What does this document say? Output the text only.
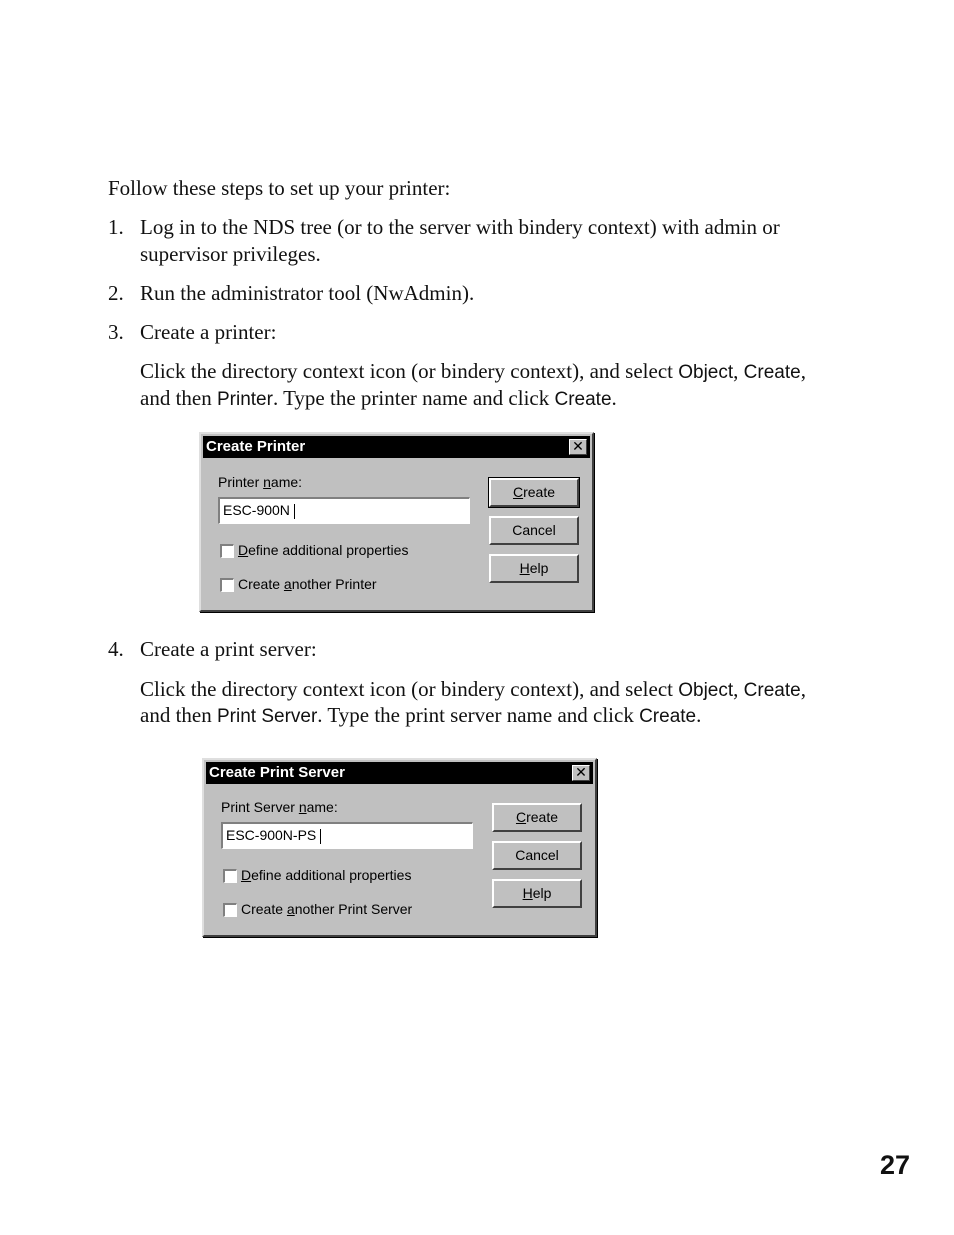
Follow these steps to set up your printer:
1. Log in to the NDS tree (or to the server with bindery context) with admin or
supervisor privileges.
2. Run the administrator tool (NwAdmin).
3. Create a printer:
Click the directory context icon (or bindery context), and select Object, Create,
and then Printer. Type the printer name and click Create.
Create Printer	✕
Printer name:
ESC-900N
Define additional properties
Create another Printer
Create
Cancel
Help
4. Create a print server:
Click the directory context icon (or bindery context), and select Object, Create,
and then Print Server. Type the print server name and click Create.
Create Print Server	✕
Print Server name:
ESC-900N-PS
Define additional properties
Create another Print Server
Create
Cancel
Help
27
